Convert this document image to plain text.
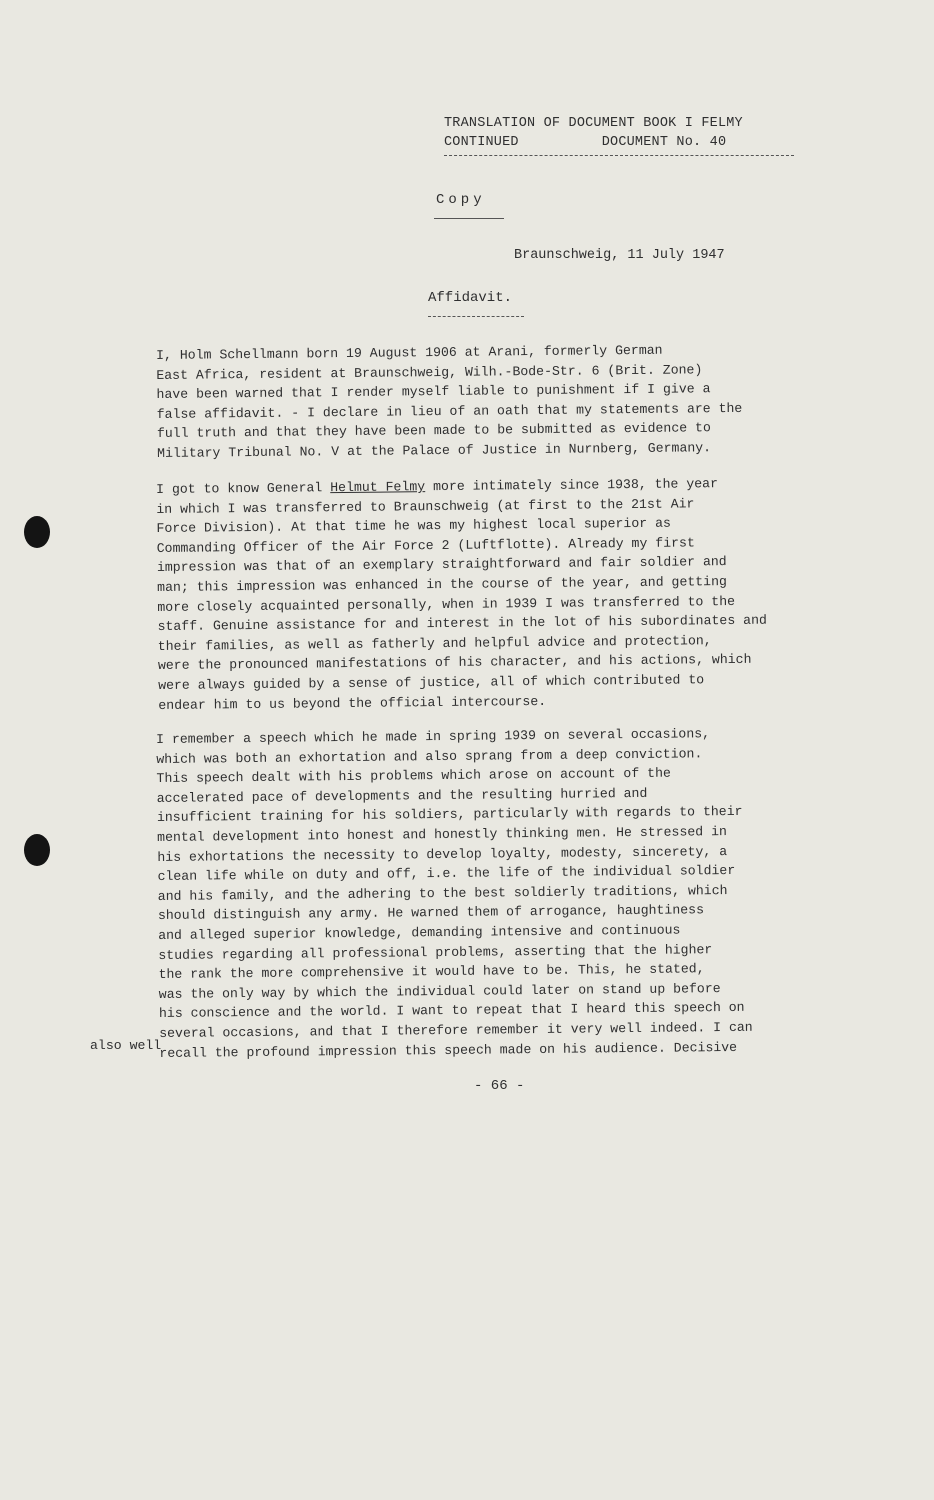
TRANSLATION OF DOCUMENT BOOK I FELMY
CONTINUED          DOCUMENT No. 40
Copy
Braunschweig, 11 July 1947
Affidavit.
I, Holm Schellmann born 19 August 1906 at Arani, formerly German
East Africa, resident at Braunschweig, Wilh.-Bode-Str. 6 (Brit. Zone)
have been warned that I render myself liable to punishment if I give a
false affidavit. - I declare in lieu of an oath that my statements are the
full truth and that they have been made to be submitted as evidence to
Military Tribunal No. V at the Palace of Justice in Nurnberg, Germany.
I got to know General Helmut Felmy more intimately since 1938, the year
in which I was transferred to Braunschweig (at first to the 21st Air
Force Division). At that time he was my highest local superior as
Commanding Officer of the Air Force 2 (Luftflotte). Already my first
impression was that of an exemplary straightforward and fair soldier and
man; this impression was enhanced in the course of the year, and getting
more closely acquainted personally, when in 1939 I was transferred to the
staff. Genuine assistance for and interest in the lot of his subordinates and
their families, as well as fatherly and helpful advice and protection,
were the pronounced manifestations of his character, and his actions, which
were always guided by a sense of justice, all of which contributed to
endear him to us beyond the official intercourse.
I remember a speech which he made in spring 1939 on several occasions,
which was both an exhortation and also sprang from a deep conviction.
This speech dealt with his problems which arose on account of the
accelerated pace of developments and the resulting hurried and
insufficient training for his soldiers, particularly with regards to their
mental development into honest and honestly thinking men. He stressed in
his exhortations the necessity to develop loyalty, modesty, sincerety, a
clean life while on duty and off, i.e. the life of the individual soldier
and his family, and the adhering to the best soldierly traditions, which
should distinguish any army. He warned them of arrogance, haughtiness
and alleged superior knowledge, demanding intensive and continuous
studies regarding all professional problems, asserting that the higher
the rank the more comprehensive it would have to be. This, he stated,
was the only way by which the individual could later on stand up before
his conscience and the world. I want to repeat that I heard this speech on
several occasions, and that I therefore remember it very well indeed. I can
recall the profound impression this speech made on his audience. Decisive
also well
- 66 -
